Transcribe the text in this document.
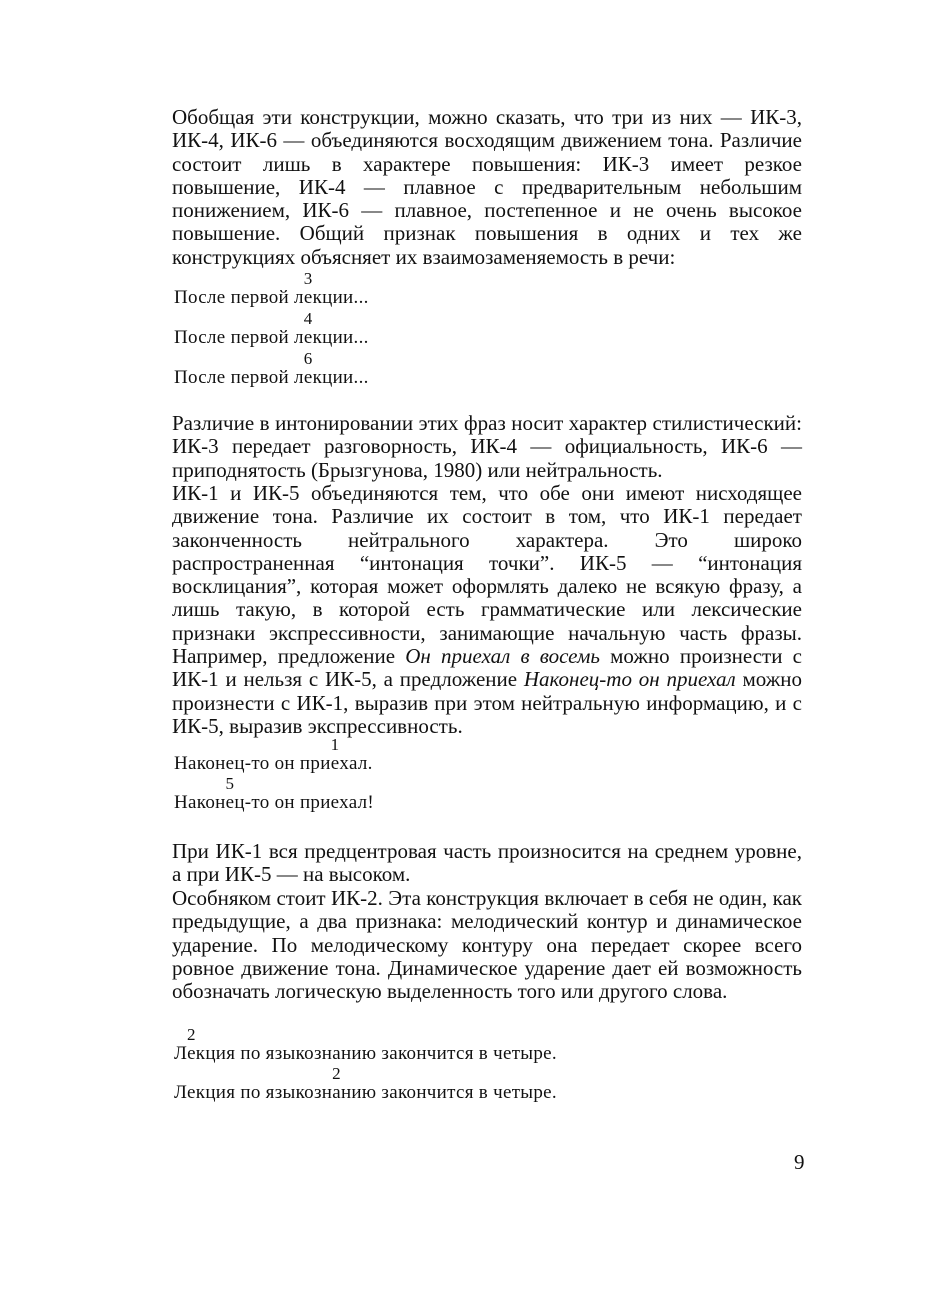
Обобщая эти конструкции, можно сказать, что три из них — ИК-3, ИК-4, ИК-6 — объединяются восходящим движением тона. Различие состоит лишь в характере повышения: ИК-3 имеет резкое повышение, ИК-4 — плавное с предварительным небольшим понижением, ИК-6 — плавное, постепенное и не очень высокое повышение. Общий признак повышения в одних и тех же конструкциях объясняет их взаимозаменяемость в речи:

После первой ле
3
кции...
После первой ле
4
кции...
После первой ле
6
кции...

Различие в интонировании этих фраз носит характер стилистический: ИК-3 передает разговорность, ИК-4 — официальность, ИК-6 — приподнятость (Брызгунова, 1980) или нейтральность.

ИК-1 и ИК-5 объединяются тем, что обе они имеют нисходящее движение тона. Различие их состоит в том, что ИК-1 передает законченность нейтрального характера. Это широко распространенная “интонация точки”. ИК-5 — “интонация восклицания”, которая может оформлять далеко не всякую фразу, а лишь такую, в которой есть грамматические или лексические признаки экспрессивности, занимающие начальную часть фразы. Например, предложение Он приехал в восемь можно произнести с ИК-1 и нельзя с ИК-5, а предложение Наконец-то он приехал можно произнести с ИК-1, выразив при этом нейтральную информацию, и с ИК-5, выразив экспрессивность.

Наконец-то он прие
1
хал.
Наконе
5
ц-то он приехал!

При ИК-1 вся предцентровая часть произносится на среднем уровне, а при ИК-5 — на высоком.

Особняком стоит ИК-2. Эта конструкция включает в себя не один, как предыдущие, а два признака: мелодический контур и динамическое ударение. По мелодическому контуру она передает скорее всего ровное движение тона. Динамическое ударение дает ей возможность обозначать логическую выделенность того или другого слова.

Ле
2
кция по языкознанию закончится в четыре.
Лекция по языкозна
2
нию закончится в четыре.
9
